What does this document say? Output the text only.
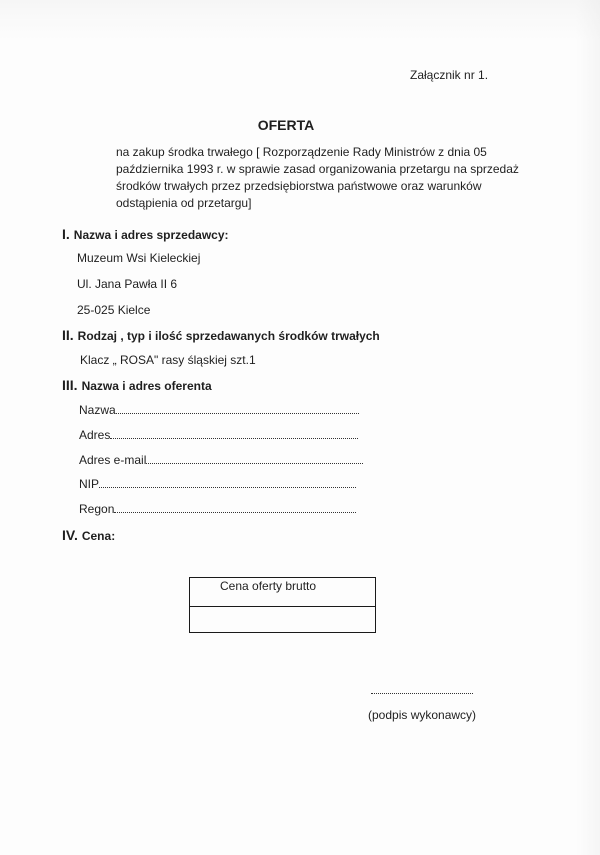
Załącznik nr 1.
OFERTA
na zakup środka trwałego [ Rozporządzenie Rady Ministrów z dnia 05 października 1993 r. w sprawie zasad organizowania przetargu na sprzedaż środków trwałych przez przedsiębiorstwa państwowe oraz warunków odstąpienia od przetargu]
I. Nazwa i adres sprzedawcy:
Muzeum Wsi Kieleckiej
Ul. Jana Pawła II 6
25-025 Kielce
II. Rodzaj , typ i ilość sprzedawanych środków trwałych
Klacz „ ROSA" rasy śląskiej szt.1
III. Nazwa i adres oferenta
Nazwa
Adres
Adres e-mail
NIP
Regon
IV. Cena:
Cena oferty brutto
(podpis wykonawcy)
